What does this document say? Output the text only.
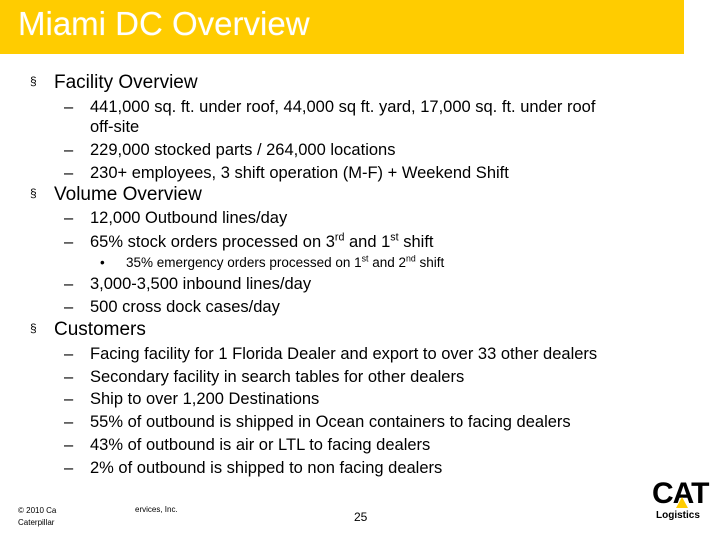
Miami DC Overview
§ Facility Overview
– 441,000 sq. ft. under roof, 44,000 sq ft. yard, 17,000 sq. ft. under roof
off-site
– 229,000 stocked parts / 264,000 locations
– 230+ employees, 3 shift operation (M-F) + Weekend Shift
§ Volume Overview
– 12,000 Outbound lines/day
– 65% stock orders processed on 3rd and 1st shift
• 35% emergency orders processed on 1st and 2nd shift
– 3,000-3,500 inbound lines/day
– 500 cross dock cases/day
§ Customers
– Facing facility for 1 Florida Dealer and export to over 33 other dealers
– Secondary facility in search tables for other dealers
– Ship to over 1,200 Destinations
– 55% of outbound is shipped in Ocean containers to facing dealers
– 43% of outbound is air or LTL to facing dealers
– 2% of outbound is shipped to non facing dealers
© 2010 Ca
Caterpillar
ervices, Inc.
25
CAT
Logistics
